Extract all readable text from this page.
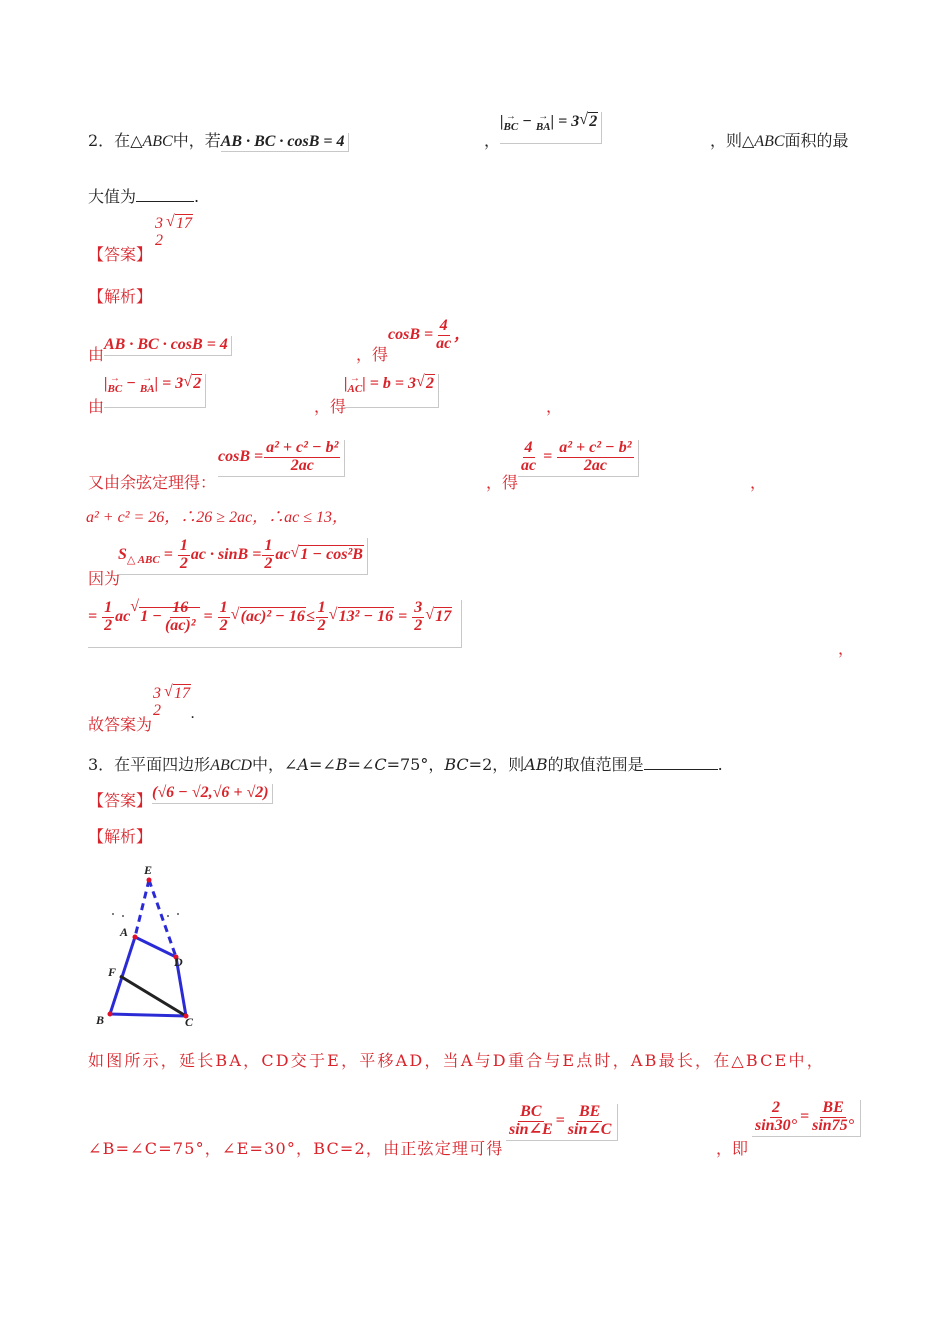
2．在△ABC中，若AB · BC · cosB = 4	，
| →
BC − →
BA | = 3√ 2
，则△ABC面积的最
大值为	.
【答案】
3
2
√ 17
【解析】
由
AB · BC · cosB = 4
，得
$\cos B = \frac{4}{ac}$ ，
由
| →
BC − →
BA | = 3√ 2
，得
| →
AC | = b = 3√ 2
，
又由余弦定理得：
$\cos B = \frac{\text{a² + c² − b²}}{2ac}$
，得
$\frac{4}{ac} = \frac{\text{a² + c² − b²}}{2ac}$
，
a² + c² = 26，∴26 ≥ 2ac，∴ac ≤ 13，
因为
$S_{\triangle ABC} = \frac{1}{2}$ ac · $\sin B = \frac{1}{2} ac√$ 1 − cos²B
= $\frac{1}{2} ac√$ $1 - \frac{16}{\text{(ac)²}} = \frac{1}{2}$
√ $(ac)^2 - 16\le \frac{1}{2}$
√ $13^2 - 16 = \frac{3}{2}$
√ 17
，
故答案为
3
2
√ 17.
3．在平面四边形ABCD中，∠A=∠B=∠C=75°，BC=2，则AB的取值范围是	.
【答案】 (√6 − √2,√6 + √2)
【解析】
E
A
D
F
B	C
如图所示，延长BA，CD交于E，平移AD，当A与D重合与E点时，AB最长，在△BCE中，
∠B=∠C=75°，∠E=30°，BC=2，由正弦定理可得
$\frac{BC}{\sin\angle E} = \frac{BE}{\sin\angle C}$
，即
$\frac{2}{\sin 30^\circ} = \frac{BE}{\sin 75^\circ}$
